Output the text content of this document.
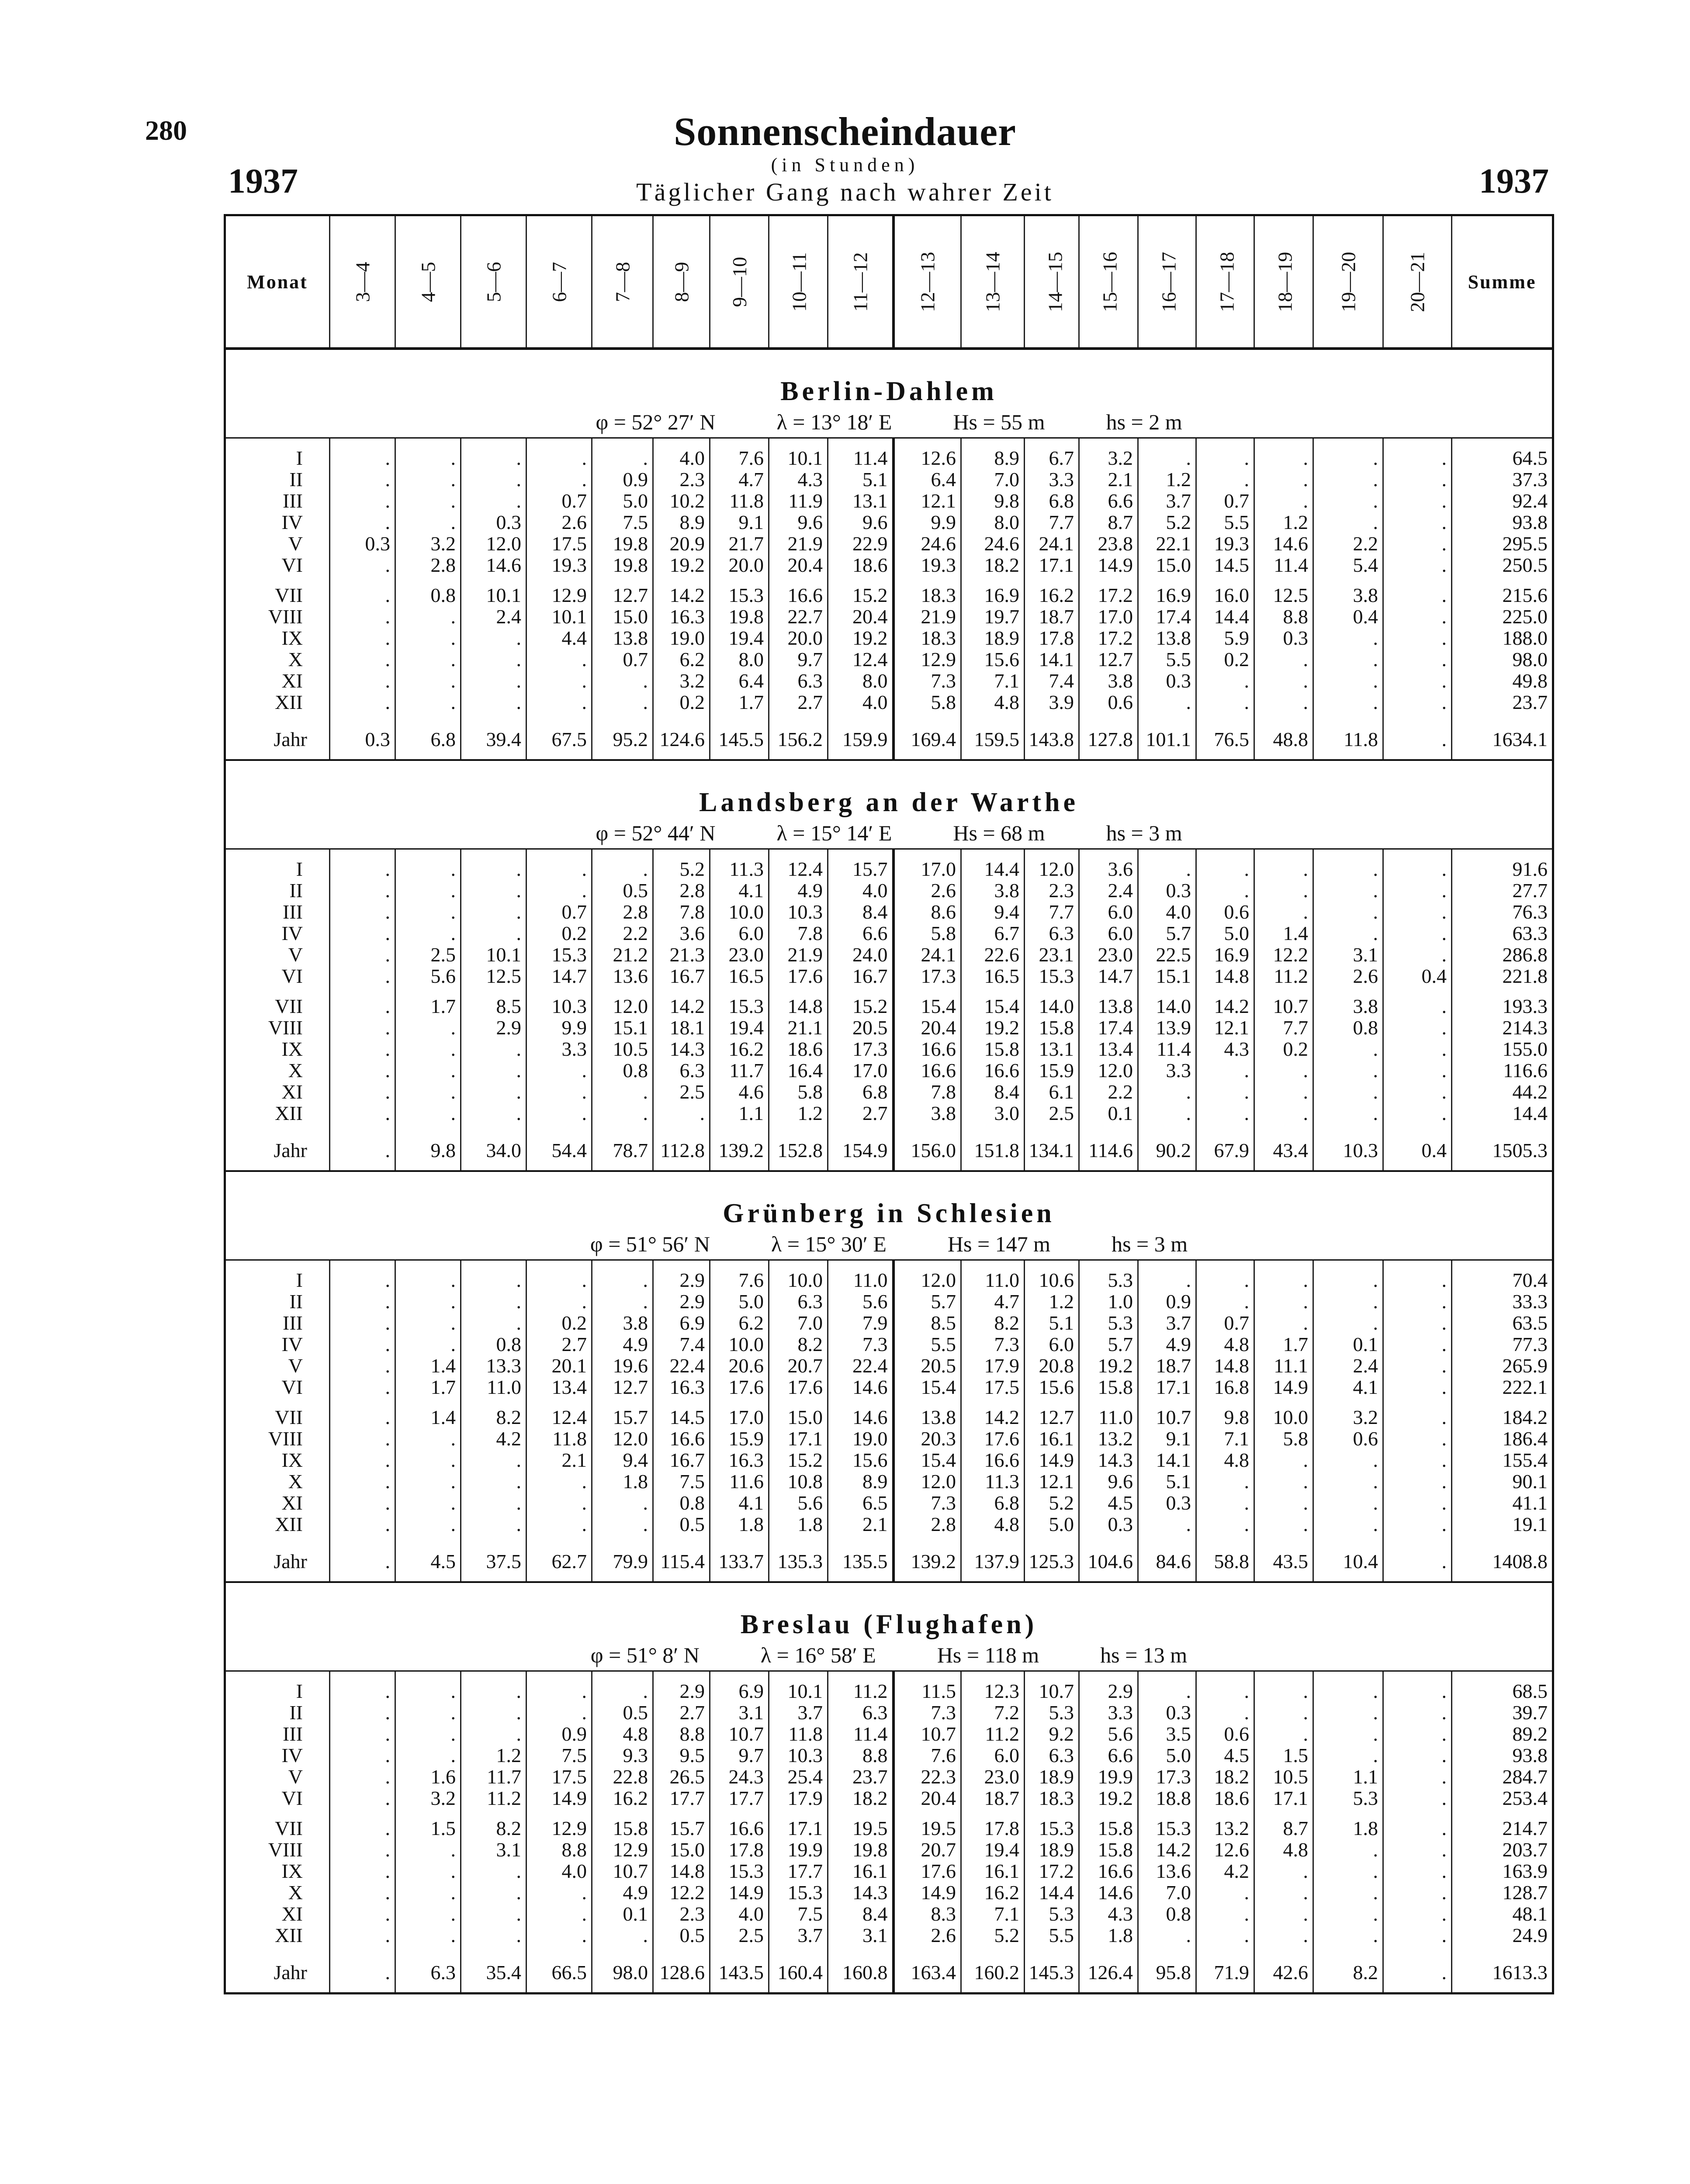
280
1937	1937
Sonnenscheindauer
(in Stunden)
Täglicher Gang nach wahrer Zeit
Monat	3—4	4—5	5—6	6—7	7—8	8—9	9—10	10—11	11—12	12—13	13—14	14—15	15—16	16—17	17—18	18—19	19—20	20—21	Summe
Berlin-Dahlem																			
φ = 52° 27′ N λ = 13° 18′ E Hs = 55 m hs = 2 m																			

I	.	.	.	.	.	4.0	7.6	10.1	11.4	12.6	8.9	6.7	3.2	.	.	.	.	.	64.5
II	.	.	.	.	0.9	2.3	4.7	4.3	5.1	6.4	7.0	3.3	2.1	1.2	.	.	.	.	37.3
III	.	.	.	0.7	5.0	10.2	11.8	11.9	13.1	12.1	9.8	6.8	6.6	3.7	0.7	.	.	.	92.4
IV	.	.	0.3	2.6	7.5	8.9	9.1	9.6	9.6	9.9	8.0	7.7	8.7	5.2	5.5	1.2	.	.	93.8
V	0.3	3.2	12.0	17.5	19.8	20.9	21.7	21.9	22.9	24.6	24.6	24.1	23.8	22.1	19.3	14.6	2.2	.	295.5
VI	.	2.8	14.6	19.3	19.8	19.2	20.0	20.4	18.6	19.3	18.2	17.1	14.9	15.0	14.5	11.4	5.4	.	250.5

VII	.	0.8	10.1	12.9	12.7	14.2	15.3	16.6	15.2	18.3	16.9	16.2	17.2	16.9	16.0	12.5	3.8	.	215.6
VIII	.	.	2.4	10.1	15.0	16.3	19.8	22.7	20.4	21.9	19.7	18.7	17.0	17.4	14.4	8.8	0.4	.	225.0
IX	.	.	.	4.4	13.8	19.0	19.4	20.0	19.2	18.3	18.9	17.8	17.2	13.8	5.9	0.3	.	.	188.0
X	.	.	.	.	0.7	6.2	8.0	9.7	12.4	12.9	15.6	14.1	12.7	5.5	0.2	.	.	.	98.0
XI	.	.	.	.	.	3.2	6.4	6.3	8.0	7.3	7.1	7.4	3.8	0.3	.	.	.	.	49.8
XII	.	.	.	.	.	0.2	1.7	2.7	4.0	5.8	4.8	3.9	0.6	.	.	.	.	.	23.7

Jahr	0.3	6.8	39.4	67.5	95.2	124.6	145.5	156.2	159.9	169.4	159.5	143.8	127.8	101.1	76.5	48.8	11.8	.	1634.1
Landsberg an der Warthe																			
φ = 52° 44′ N λ = 15° 14′ E Hs = 68 m hs = 3 m																			

I	.	.	.	.	.	5.2	11.3	12.4	15.7	17.0	14.4	12.0	3.6	.	.	.	.	.	91.6
II	.	.	.	.	0.5	2.8	4.1	4.9	4.0	2.6	3.8	2.3	2.4	0.3	.	.	.	.	27.7
III	.	.	.	0.7	2.8	7.8	10.0	10.3	8.4	8.6	9.4	7.7	6.0	4.0	0.6	.	.	.	76.3
IV	.	.	.	0.2	2.2	3.6	6.0	7.8	6.6	5.8	6.7	6.3	6.0	5.7	5.0	1.4	.	.	63.3
V	.	2.5	10.1	15.3	21.2	21.3	23.0	21.9	24.0	24.1	22.6	23.1	23.0	22.5	16.9	12.2	3.1	.	286.8
VI	.	5.6	12.5	14.7	13.6	16.7	16.5	17.6	16.7	17.3	16.5	15.3	14.7	15.1	14.8	11.2	2.6	0.4	221.8

VII	.	1.7	8.5	10.3	12.0	14.2	15.3	14.8	15.2	15.4	15.4	14.0	13.8	14.0	14.2	10.7	3.8	.	193.3
VIII	.	.	2.9	9.9	15.1	18.1	19.4	21.1	20.5	20.4	19.2	15.8	17.4	13.9	12.1	7.7	0.8	.	214.3
IX	.	.	.	3.3	10.5	14.3	16.2	18.6	17.3	16.6	15.8	13.1	13.4	11.4	4.3	0.2	.	.	155.0
X	.	.	.	.	0.8	6.3	11.7	16.4	17.0	16.6	16.6	15.9	12.0	3.3	.	.	.	.	116.6
XI	.	.	.	.	.	2.5	4.6	5.8	6.8	7.8	8.4	6.1	2.2	.	.	.	.	.	44.2
XII	.	.	.	.	.	.	1.1	1.2	2.7	3.8	3.0	2.5	0.1	.	.	.	.	.	14.4

Jahr	.	9.8	34.0	54.4	78.7	112.8	139.2	152.8	154.9	156.0	151.8	134.1	114.6	90.2	67.9	43.4	10.3	0.4	1505.3
Grünberg in Schlesien																			
φ = 51° 56′ N λ = 15° 30′ E Hs = 147 m hs = 3 m																			

I	.	.	.	.	.	2.9	7.6	10.0	11.0	12.0	11.0	10.6	5.3	.	.	.	.	.	70.4
II	.	.	.	.	.	2.9	5.0	6.3	5.6	5.7	4.7	1.2	1.0	0.9	.	.	.	.	33.3
III	.	.	.	0.2	3.8	6.9	6.2	7.0	7.9	8.5	8.2	5.1	5.3	3.7	0.7	.	.	.	63.5
IV	.	.	0.8	2.7	4.9	7.4	10.0	8.2	7.3	5.5	7.3	6.0	5.7	4.9	4.8	1.7	0.1	.	77.3
V	.	1.4	13.3	20.1	19.6	22.4	20.6	20.7	22.4	20.5	17.9	20.8	19.2	18.7	14.8	11.1	2.4	.	265.9
VI	.	1.7	11.0	13.4	12.7	16.3	17.6	17.6	14.6	15.4	17.5	15.6	15.8	17.1	16.8	14.9	4.1	.	222.1

VII	.	1.4	8.2	12.4	15.7	14.5	17.0	15.0	14.6	13.8	14.2	12.7	11.0	10.7	9.8	10.0	3.2	.	184.2
VIII	.	.	4.2	11.8	12.0	16.6	15.9	17.1	19.0	20.3	17.6	16.1	13.2	9.1	7.1	5.8	0.6	.	186.4
IX	.	.	.	2.1	9.4	16.7	16.3	15.2	15.6	15.4	16.6	14.9	14.3	14.1	4.8	.	.	.	155.4
X	.	.	.	.	1.8	7.5	11.6	10.8	8.9	12.0	11.3	12.1	9.6	5.1	.	.	.	.	90.1
XI	.	.	.	.	.	0.8	4.1	5.6	6.5	7.3	6.8	5.2	4.5	0.3	.	.	.	.	41.1
XII	.	.	.	.	.	0.5	1.8	1.8	2.1	2.8	4.8	5.0	0.3	.	.	.	.	.	19.1

Jahr	.	4.5	37.5	62.7	79.9	115.4	133.7	135.3	135.5	139.2	137.9	125.3	104.6	84.6	58.8	43.5	10.4	.	1408.8
Breslau (Flughafen)																			
φ = 51° 8′ N λ = 16° 58′ E Hs = 118 m hs = 13 m																			

I	.	.	.	.	.	2.9	6.9	10.1	11.2	11.5	12.3	10.7	2.9	.	.	.	.	.	68.5
II	.	.	.	.	0.5	2.7	3.1	3.7	6.3	7.3	7.2	5.3	3.3	0.3	.	.	.	.	39.7
III	.	.	.	0.9	4.8	8.8	10.7	11.8	11.4	10.7	11.2	9.2	5.6	3.5	0.6	.	.	.	89.2
IV	.	.	1.2	7.5	9.3	9.5	9.7	10.3	8.8	7.6	6.0	6.3	6.6	5.0	4.5	1.5	.	.	93.8
V	.	1.6	11.7	17.5	22.8	26.5	24.3	25.4	23.7	22.3	23.0	18.9	19.9	17.3	18.2	10.5	1.1	.	284.7
VI	.	3.2	11.2	14.9	16.2	17.7	17.7	17.9	18.2	20.4	18.7	18.3	19.2	18.8	18.6	17.1	5.3	.	253.4

VII	.	1.5	8.2	12.9	15.8	15.7	16.6	17.1	19.5	19.5	17.8	15.3	15.8	15.3	13.2	8.7	1.8	.	214.7
VIII	.	.	3.1	8.8	12.9	15.0	17.8	19.9	19.8	20.7	19.4	18.9	15.8	14.2	12.6	4.8	.	.	203.7
IX	.	.	.	4.0	10.7	14.8	15.3	17.7	16.1	17.6	16.1	17.2	16.6	13.6	4.2	.	.	.	163.9
X	.	.	.	.	4.9	12.2	14.9	15.3	14.3	14.9	16.2	14.4	14.6	7.0	.	.	.	.	128.7
XI	.	.	.	.	0.1	2.3	4.0	7.5	8.4	8.3	7.1	5.3	4.3	0.8	.	.	.	.	48.1
XII	.	.	.	.	.	0.5	2.5	3.7	3.1	2.6	5.2	5.5	1.8	.	.	.	.	.	24.9

Jahr	.	6.3	35.4	66.5	98.0	128.6	143.5	160.4	160.8	163.4	160.2	145.3	126.4	95.8	71.9	42.6	8.2	.	1613.3
